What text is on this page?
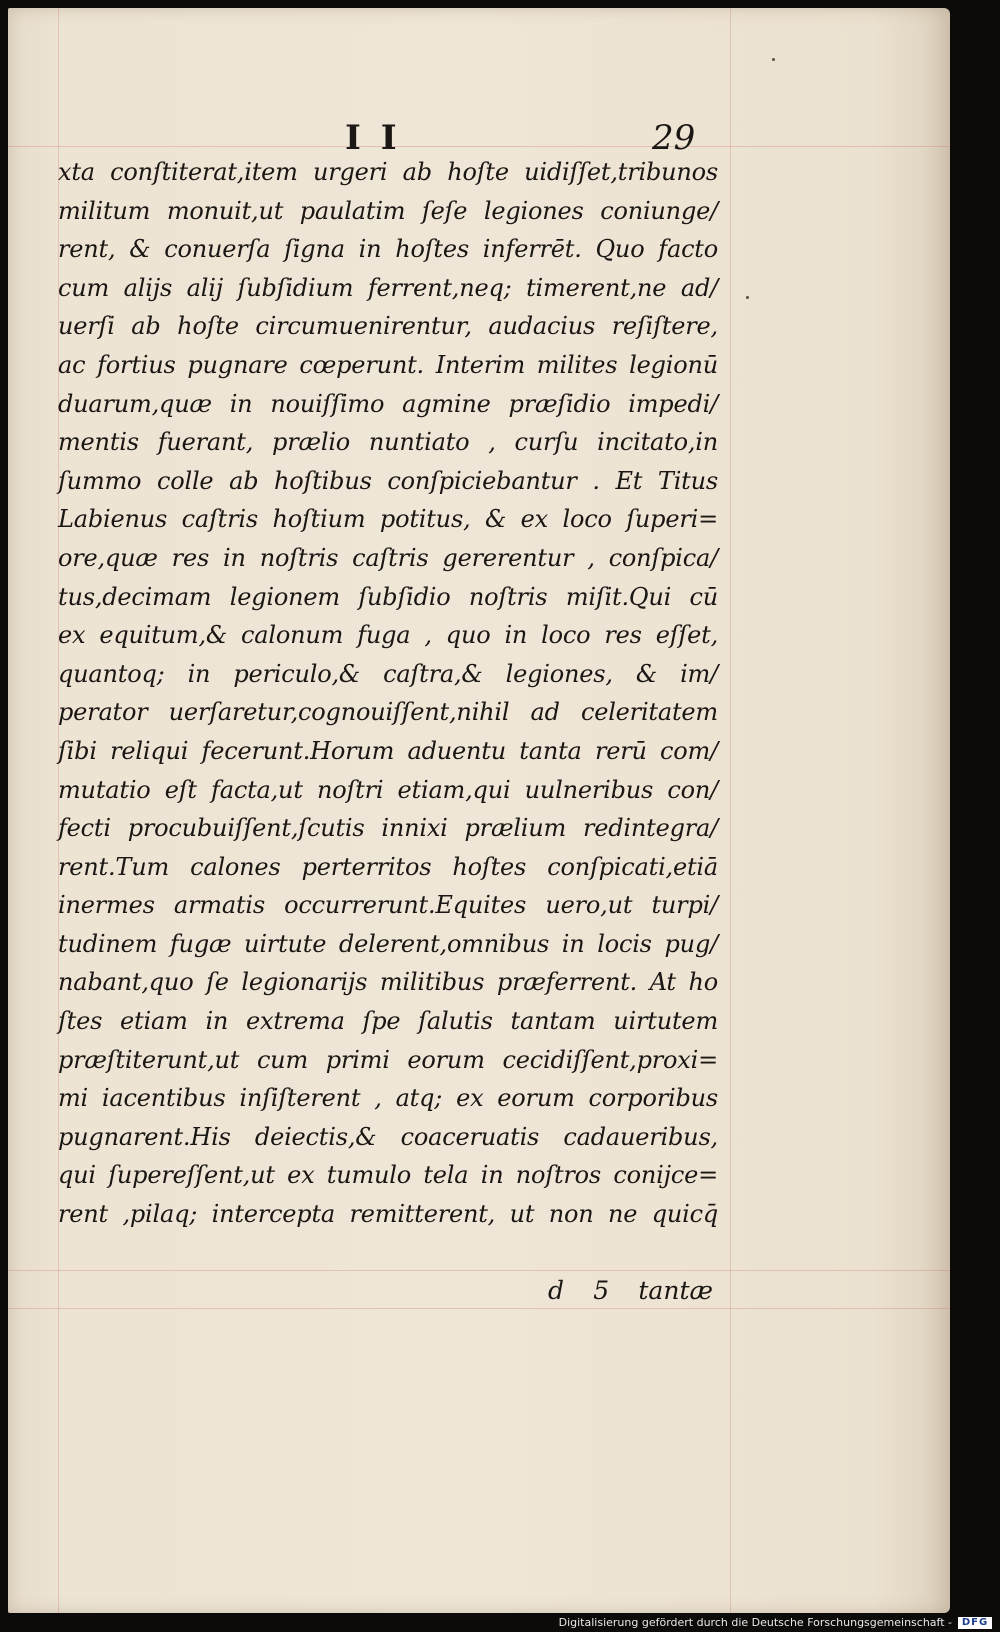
I I	29
xta conſtiterat,item urgeri ab hoſte uidiſſet,tribunos
militum monuit,ut paulatim ſeſe legiones coniunge/
rent, & conuerſa ſigna in hoſtes inferrēt. Quo facto
cum alijs alij ſubſidium ferrent,neq; timerent,ne ad/
uerſi ab hoſte circumuenirentur, audacius reſiſtere,
ac fortius pugnare cœperunt. Interim milites legionū
duarum,quæ in nouiſſimo agmine præſidio impedi/
mentis fuerant, prælio nuntiato , curſu incitato,in
ſummo colle ab hoſtibus conſpiciebantur . Et Titus
Labienus caſtris hoſtium potitus, & ex loco ſuperi=
ore,quæ res in noſtris caſtris gererentur , conſpica/
tus,decimam legionem ſubſidio noſtris miſit.Qui cū
ex equitum,& calonum fuga , quo in loco res eſſet,
quantoq; in periculo,& caſtra,& legiones, & im/
perator uerſaretur,cognouiſſent,nihil ad celeritatem
ſibi reliqui fecerunt.Horum aduentu tanta rerū com/
mutatio eſt facta,ut noſtri etiam,qui uulneribus con/
fecti procubuiſſent,ſcutis innixi prælium redintegra/
rent.Tum calones perterritos hoſtes conſpicati,etiā
inermes armatis occurrerunt.Equites uero,ut turpi/
tudinem fugæ uirtute delerent,omnibus in locis pug/
nabant,quo ſe legionarijs militibus præferrent. At ho
ſtes etiam in extrema ſpe ſalutis tantam uirtutem
præſtiterunt,ut cum primi eorum cecidiſſent,proxi=
mi iacentibus inſiſterent , atq; ex eorum corporibus
pugnarent.His deiectis,& coaceruatis cadaueribus,
qui ſupereſſent,ut ex tumulo tela in noſtros conijce=
rent ,pilaq; intercepta remitterent, ut non ne quicq̄
d 5 tantæ
Digitalisierung gefördert durch die Deutsche Forschungsgemeinschaft - DFG
